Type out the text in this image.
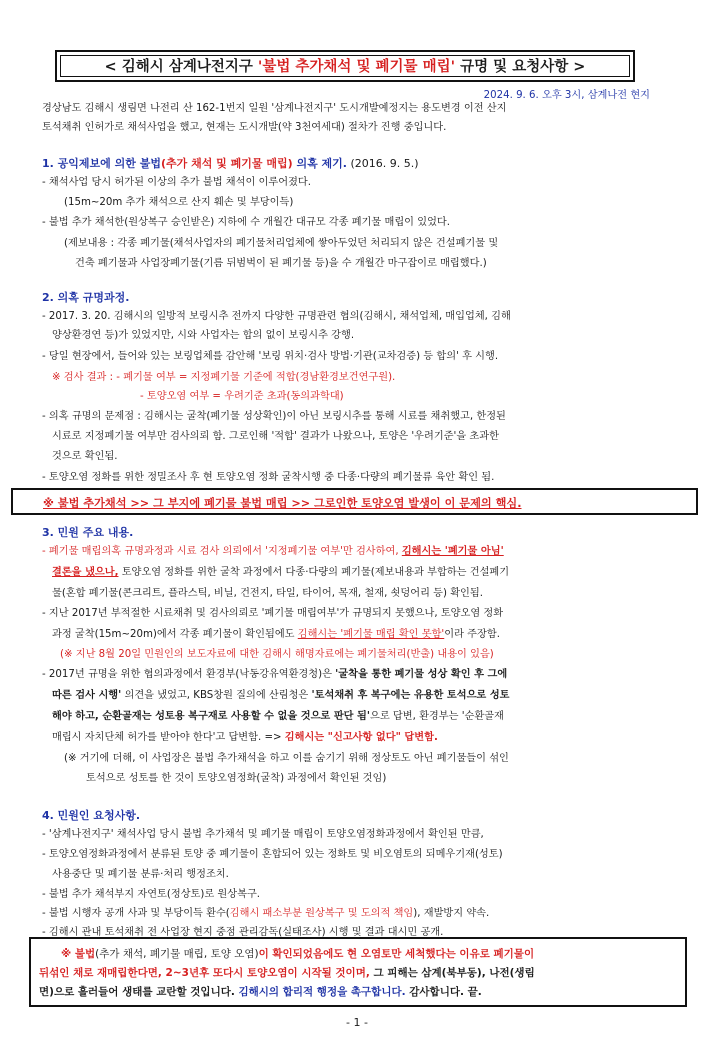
< 김해시 삼계나전지구 '불법 추가채석 및 폐기물 매립' 규명 및 요청사항 >
2024. 9. 6. 오후 3시, 삼계나전 현지
경상남도 김해시 생림면 나전리 산 162-1번지 일원 '삼계나전지구' 도시개발예정지는 용도변경 이전 산지
토석채취 인허가로 채석사업을 했고, 현재는 도시개발(약 3천여세대) 절차가 진행 중입니다.
1. 공익제보에 의한 불법(추가 채석 및 폐기물 매립) 의혹 제기. (2016. 9. 5.)
- 채석사업 당시 허가된 이상의 추가 불법 채석이 이루어졌다.
(15m~20m 추가 채석으로 산지 훼손 및 부당이득)
- 불법 추가 채석한(원상복구 승인받은) 지하에 수 개월간 대규모 각종 폐기물 매립이 있었다.
(제보내용 : 각종 폐기물(채석사업자의 폐기물처리업체에 쌓아두었던 처리되지 않은 건설폐기물 및
건축 폐기물과 사업장폐기물(기름 뒤범벅이 된 폐기물 등)을 수 개월간 마구잡이로 매립했다.)
2. 의혹 규명과정.
- 2017. 3. 20. 김해시의 일방적 보링시추 전까지 다양한 규명관련 협의(김해시, 채석업체, 매입업체, 김해
양상환경연 등)가 있었지만, 시와 사업자는 합의 없이 보링시추 강행.
- 당일 현장에서, 들어와 있는 보링업체를 감안해 '보링 위치·검사 방법·기관(교차검증) 등 합의' 후 시행.
※ 검사 결과 : - 폐기물 여부 = 지정폐기물 기준에 적합(경남환경보건연구원).
- 토양오염 여부 = 우려기준 초과(동의과학대)
- 의혹 규명의 문제점 : 김해시는 굴착(폐기물 성상확인)이 아닌 보링시추를 통해 시료를 채취했고, 한정된
시료로 지정폐기물 여부만 검사의뢰 함. 그로인해 '적합' 결과가 나왔으나, 토양은 '우려기준'을 초과한
것으로 확인됨.
- 토양오염 정화를 위한 정밀조사 후 현 토양오염 정화 굴착시행 중 다종·다량의 폐기물류 육안 확인 됨.
※ 불법 추가채석 >> 그 부지에 폐기물 불법 매립 >> 그로인한 토양오염 발생이 이 문제의 핵심.
3. 민원 주요 내용.
- 폐기물 매립의혹 규명과정과 시료 검사 의뢰에서 '지정폐기물 여부'만 검사하여, 김해시는 '폐기물 아님'
결론을 냈으나, 토양오염 정화를 위한 굴착 과정에서 다종·다량의 폐기물(제보내용과 부합하는 건설폐기
물(혼합 폐기물(콘크리트, 플라스틱, 비닐, 건전지, 타일, 타이어, 목재, 철재, 쇳덩어리 등) 확인됨.
- 지난 2017년 부적절한 시료채취 및 검사의뢰로 '폐기물 매립여부'가 규명되지 못했으나, 토양오염 정화
과정 굴착(15m~20m)에서 각종 폐기물이 확인됨에도 김해시는 '폐기물 매립 확인 못함'이라 주장함.
(※ 지난 8월 20일 민원인의 보도자료에 대한 김해시 해명자료에는 폐기물처리(반출) 내용이 있음)
- 2017년 규명을 위한 협의과정에서 환경부(낙동강유역환경청)은 '굴착을 통한 폐기물 성상 확인 후 그에
따른 검사 시행' 의견을 냈었고, KBS창원 질의에 산림청은 '토석채취 후 복구에는 유용한 토석으로 성토
해야 하고, 순환골재는 성토용 복구재로 사용할 수 없을 것으로 판단 됨'으로 답변, 환경부는 '순환골재
매립시 자치단체 허가를 받아야 한다'고 답변함. => 김해시는 "신고사항 없다" 답변함.
(※ 거기에 더해, 이 사업장은 불법 추가채석을 하고 이를 숨기기 위해 정상토도 아닌 폐기물들이 섞인
토석으로 성토를 한 것이 토양오염정화(굴착) 과정에서 확인된 것임)
4. 민원인 요청사항.
- '삼계나전지구' 채석사업 당시 불법 추가채석 및 폐기물 매립이 토양오염정화과정에서 확인된 만큼,
- 토양오염정화과정에서 분류된 토양 중 폐기물이 혼합되어 있는 정화토 및 비오염토의 되메우기재(성토)
사용중단 및 폐기물 분류·처리 행정조치.
- 불법 추가 채석부지 자연토(정상토)로 원상복구.
- 불법 시행자 공개 사과 및 부당이득 환수(김해시 패소부분 원상복구 및 도의적 책임), 재발방지 약속.
- 김해시 관내 토석채취 전 사업장 현지 중점 관리감독(실태조사) 시행 및 결과 대시민 공개.
※ 불법(추가 채석, 폐기물 매립, 토양 오염)이 확인되었음에도 현 오염토만 세척했다는 이유로 폐기물이
뒤섞인 채로 재매립한다면, 2~3년후 또다시 토양오염이 시작될 것이며, 그 피해는 삼계(북부동), 나전(생림
면)으로 흘러들어 생태를 교란할 것입니다. 김해시의 합리적 행정을 촉구합니다. 감사합니다. 끝.
- 1 -
